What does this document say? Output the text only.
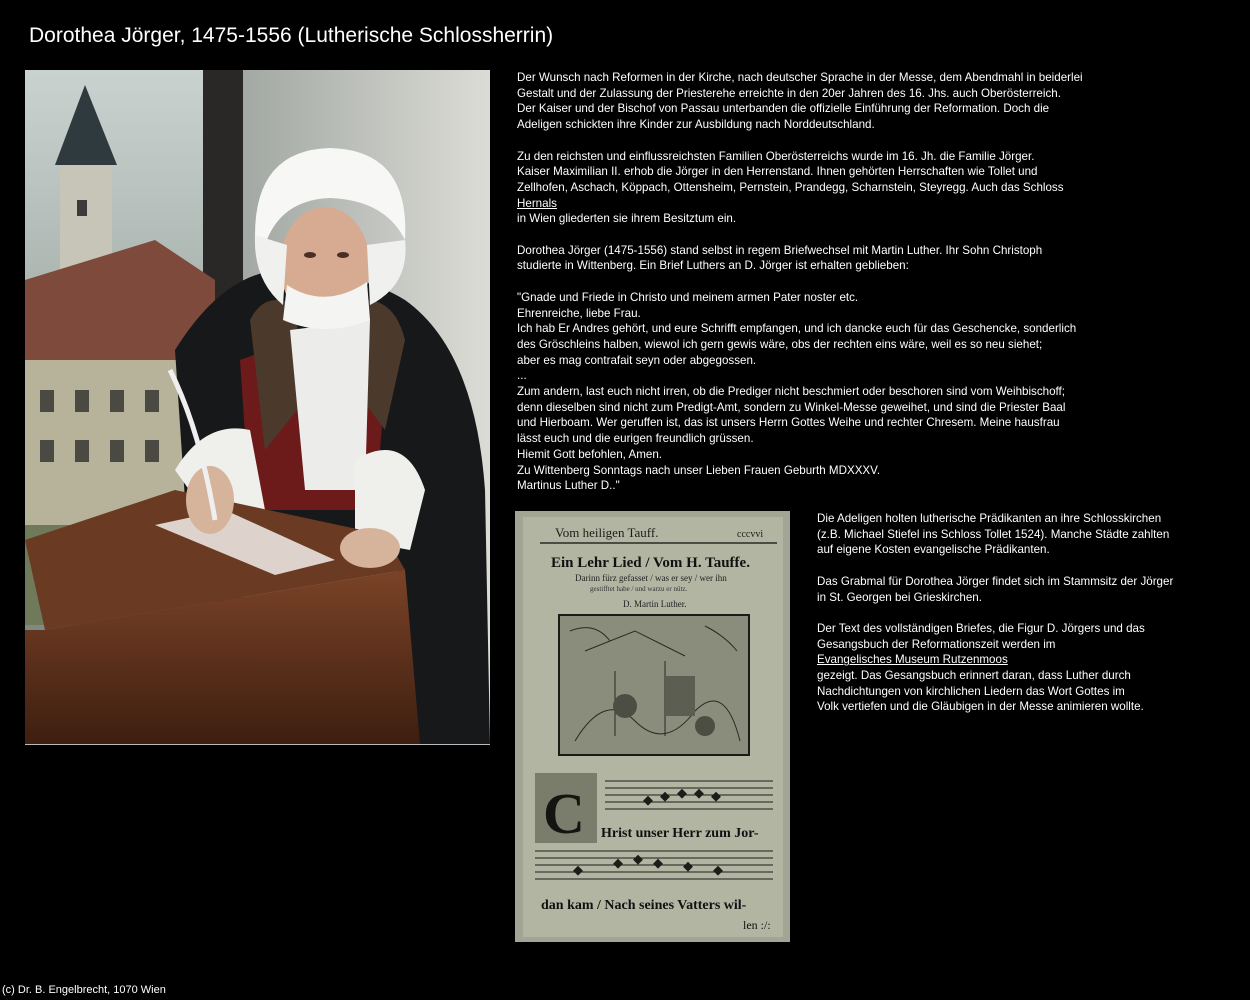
Dorothea Jörger, 1475-1556 (Lutherische Schlossherrin)

Der Wunsch nach Reformen in der Kirche, nach deutscher Sprache in der Messe, dem Abendmahl in beiderlei
Gestalt und der Zulassung der Priesterehe erreichte in den 20er Jahren des 16. Jhs. auch Oberösterreich.
Der Kaiser und der Bischof von Passau unterbanden die offizielle Einführung der Reformation. Doch die
Adeligen schickten ihre Kinder zur Ausbildung nach Norddeutschland.

Zu den reichsten und einflussreichsten Familien Oberösterreichs wurde im 16. Jh. die Familie Jörger.
Kaiser Maximilian II. erhob die Jörger in den Herrenstand. Ihnen gehörten Herrschaften wie Tollet und
Zellhofen, Aschach, Köppach, Ottensheim, Pernstein, Prandegg, Scharnstein, Steyregg. Auch das Schloss
Hernals
in Wien gliederten sie ihrem Besitztum ein.

Dorothea Jörger (1475-1556) stand selbst in regem Briefwechsel mit Martin Luther. Ihr Sohn Christoph
studierte in Wittenberg. Ein Brief Luthers an D. Jörger ist erhalten geblieben:

"Gnade und Friede in Christo und meinem armen Pater noster etc.
Ehrenreiche, liebe Frau.
Ich hab Er Andres gehört, und eure Schrifft empfangen, und ich dancke euch für das Geschencke, sonderlich
des Gröschleins halben, wiewol ich gern gewis wäre, obs der rechten eins wäre, weil es so neu siehet;
aber es mag contrafait seyn oder abgegossen.
...
Zum andern, last euch nicht irren, ob die Prediger nicht beschmiert oder beschoren sind vom Weihbischoff;
denn dieselben sind nicht zum Predigt-Amt, sondern zu Winkel-Messe geweihet, und sind die Priester Baal
und Hierboam. Wer geruffen ist, das ist unsers Herrn Gottes Weihe und rechter Chresem. Meine hausfrau
lässt euch und die eurigen freundlich grüssen.
Hiemit Gott befohlen, Amen.
Zu Wittenberg Sonntags nach unser Lieben Frauen Geburth MDXXXV.
Martinus Luther D.."

Vom heiligen Tauff.	cccvvi
Ein Lehr Lied / Vom H. Tauffe.
Darinn fürz gefasset / was er sey / wer ihn
gestifftet habe / und warzu er nütz.
D. Martin Luther.
C Hrist unser Herr zum Jor-
dan kam / Nach seines Vatters wil-
len :/:

Die Adeligen holten lutherische Prädikanten an ihre Schlosskirchen
(z.B. Michael Stiefel ins Schloss Tollet 1524). Manche Städte zahlten
auf eigene Kosten evangelische Prädikanten.

Das Grabmal für Dorothea Jörger findet sich im Stammsitz der Jörger
in St. Georgen bei Grieskirchen.

Der Text des vollständigen Briefes, die Figur D. Jörgers und das
Gesangsbuch der Reformationszeit werden im
Evangelisches Museum Rutzenmoos
gezeigt. Das Gesangsbuch erinnert daran, dass Luther durch
Nachdichtungen von kirchlichen Liedern das Wort Gottes im
Volk vertiefen und die Gläubigen in der Messe animieren wollte.

(c) Dr. B. Engelbrecht, 1070 Wien
